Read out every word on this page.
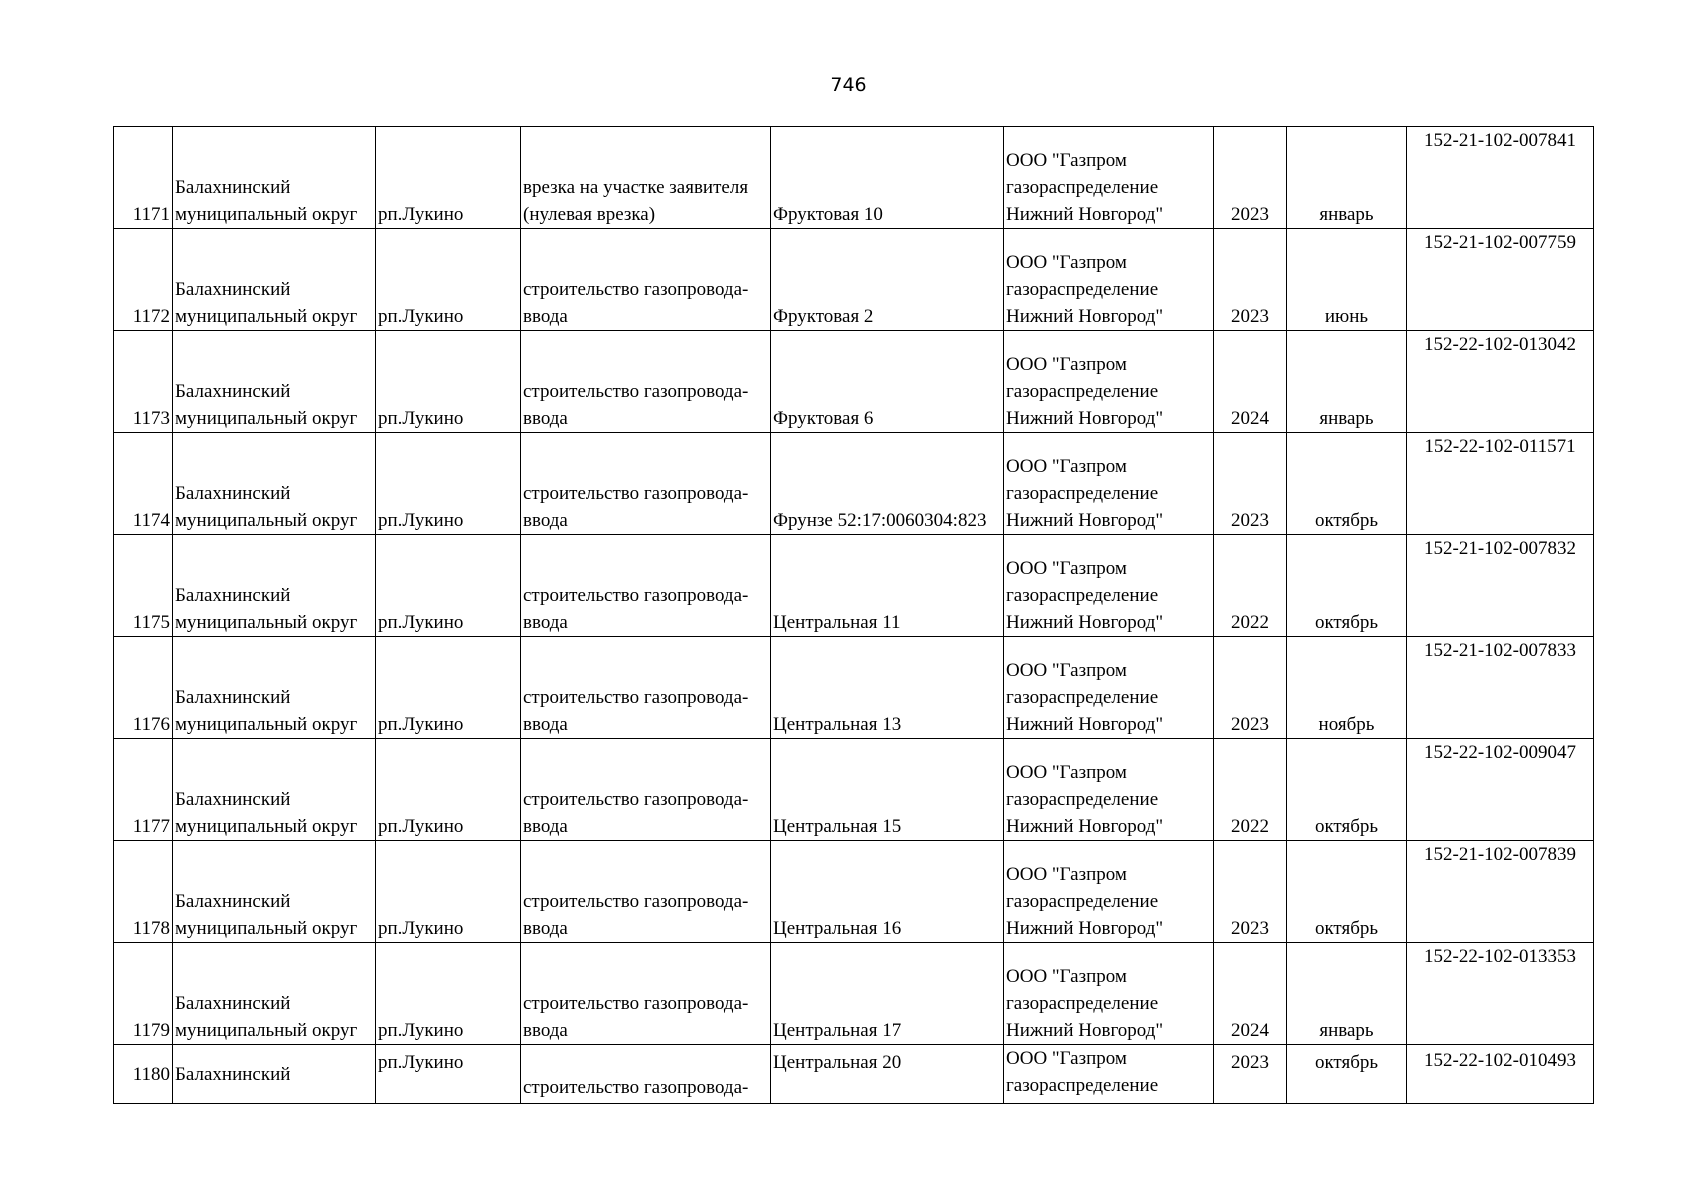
746
1171	Балахнинский
муниципальный округ	рп.Лукино	врезка на участке заявителя
(нулевая врезка)	Фруктовая 10	ООО "Газпром
газораспределение
Нижний Новгород"	2023	январь	152-21-102-007841

1172	Балахнинский
муниципальный округ	рп.Лукино	строительство газопровода-
ввода	Фруктовая 2	ООО "Газпром
газораспределение
Нижний Новгород"	2023	июнь	152-21-102-007759

1173	Балахнинский
муниципальный округ	рп.Лукино	строительство газопровода-
ввода	Фруктовая 6	ООО "Газпром
газораспределение
Нижний Новгород"	2024	январь	152-22-102-013042

1174	Балахнинский
муниципальный округ	рп.Лукино	строительство газопровода-
ввода	Фрунзе 52:17:0060304:823	ООО "Газпром
газораспределение
Нижний Новгород"	2023	октябрь	152-22-102-011571

1175	Балахнинский
муниципальный округ	рп.Лукино	строительство газопровода-
ввода	Центральная 11	ООО "Газпром
газораспределение
Нижний Новгород"	2022	октябрь	152-21-102-007832

1176	Балахнинский
муниципальный округ	рп.Лукино	строительство газопровода-
ввода	Центральная 13	ООО "Газпром
газораспределение
Нижний Новгород"	2023	ноябрь	152-21-102-007833

1177	Балахнинский
муниципальный округ	рп.Лукино	строительство газопровода-
ввода	Центральная 15	ООО "Газпром
газораспределение
Нижний Новгород"	2022	октябрь	152-22-102-009047

1178	Балахнинский
муниципальный округ	рп.Лукино	строительство газопровода-
ввода	Центральная 16	ООО "Газпром
газораспределение
Нижний Новгород"	2023	октябрь	152-21-102-007839

1179	Балахнинский
муниципальный округ	рп.Лукино	строительство газопровода-
ввода	Центральная 17	ООО "Газпром
газораспределение
Нижний Новгород"	2024	январь	152-22-102-013353

1180	Балахнинский	рп.Лукино	строительство газопровода-	Центральная 20	ООО "Газпром
газораспределение	2023	октябрь	152-22-102-010493
